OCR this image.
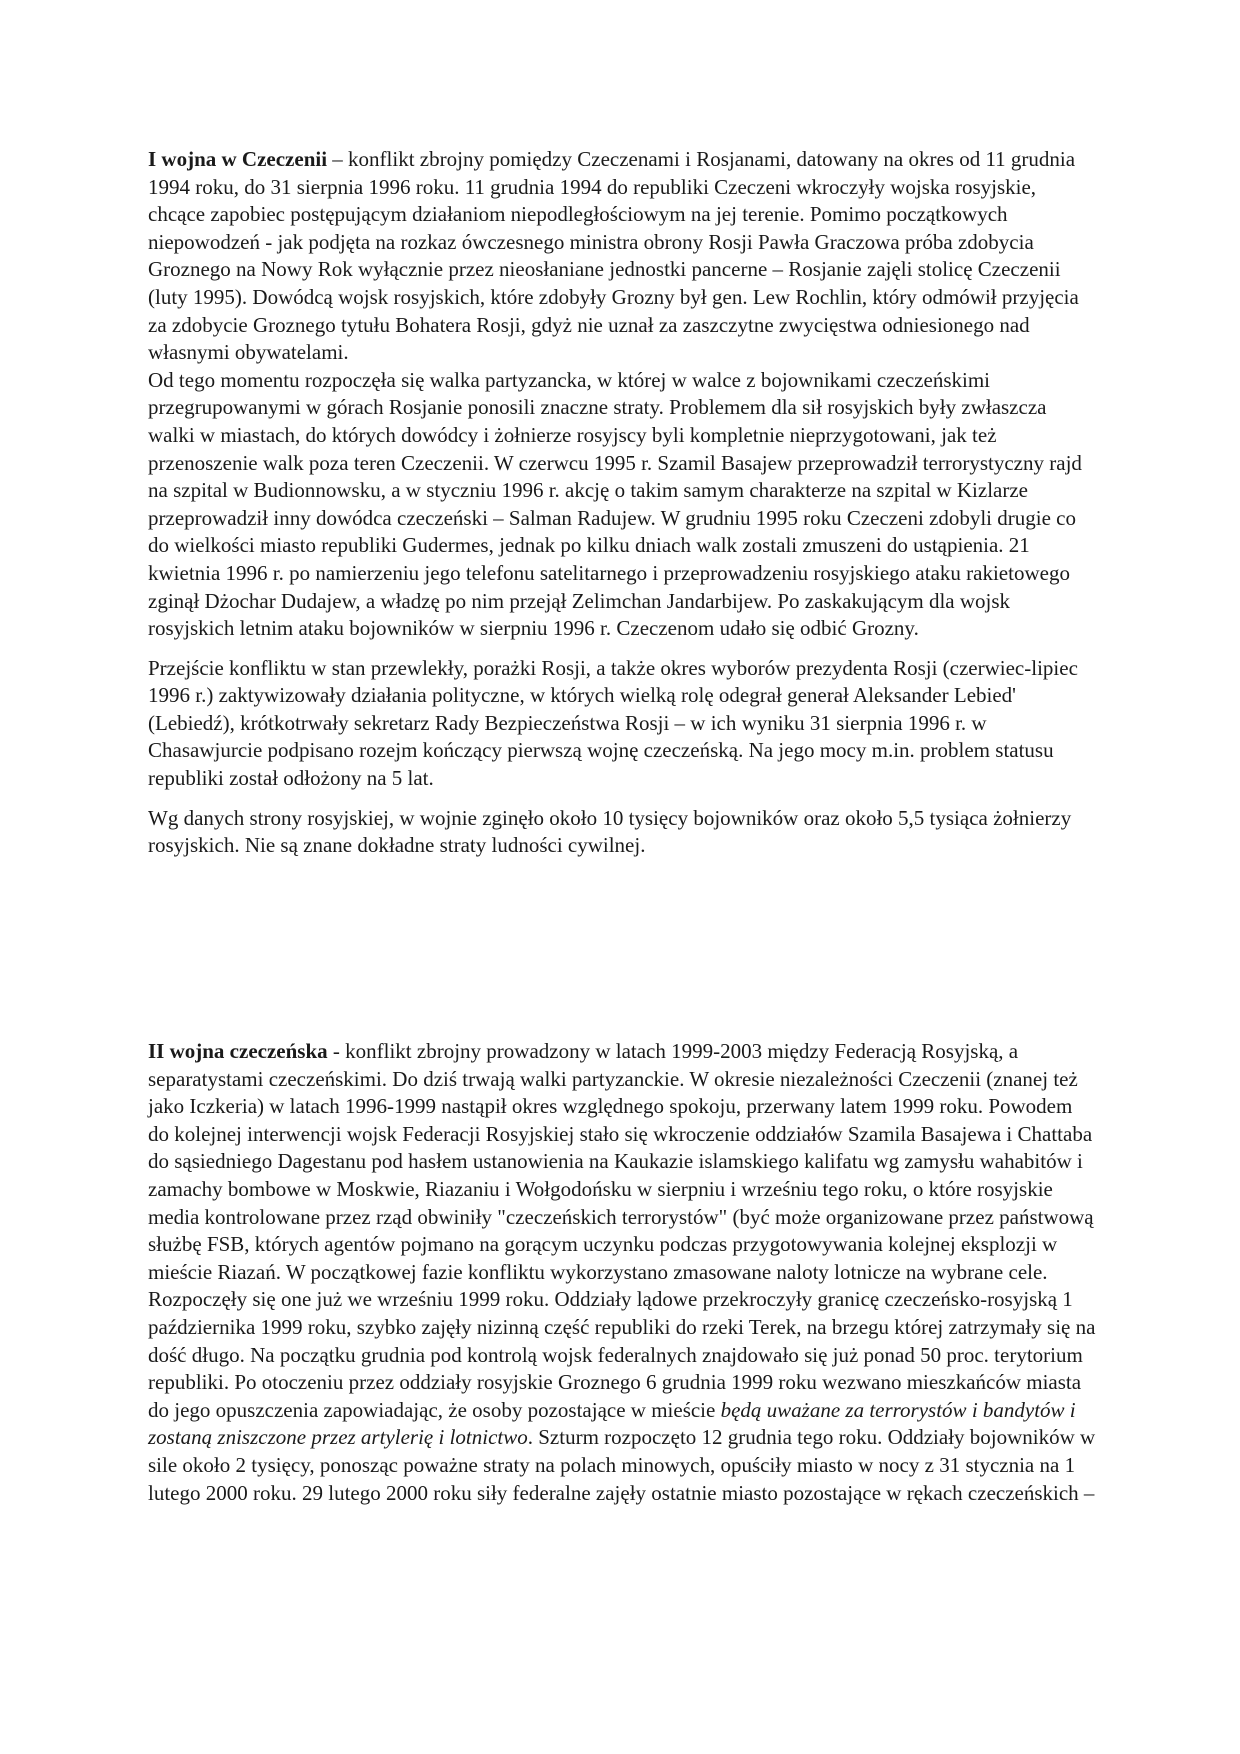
I wojna w Czeczenii – konflikt zbrojny pomiędzy Czeczenami i Rosjanami, datowany na okres od 11 grudnia 1994 roku, do 31 sierpnia 1996 roku. 11 grudnia 1994 do republiki Czeczeni wkroczyły wojska rosyjskie, chcące zapobiec postępującym działaniom niepodległościowym na jej terenie. Pomimo początkowych niepowodzeń - jak podjęta na rozkaz ówczesnego ministra obrony Rosji Pawła Graczowa próba zdobycia Groznego na Nowy Rok wyłącznie przez nieosłaniane jednostki pancerne – Rosjanie zajęli stolicę Czeczenii (luty 1995). Dowódcą wojsk rosyjskich, które zdobyły Grozny był gen. Lew Rochlin, który odmówił przyjęcia za zdobycie Groznego tytułu Bohatera Rosji, gdyż nie uznał za zaszczytne zwycięstwa odniesionego nad własnymi obywatelami.

Od tego momentu rozpoczęła się walka partyzancka, w której w walce z bojownikami czeczeńskimi przegrupowanymi w górach Rosjanie ponosili znaczne straty. Problemem dla sił rosyjskich były zwłaszcza walki w miastach, do których dowódcy i żołnierze rosyjscy byli kompletnie nieprzygotowani, jak też przenoszenie walk poza teren Czeczenii. W czerwcu 1995 r. Szamil Basajew przeprowadził terrorystyczny rajd na szpital w Budionnowsku, a w styczniu 1996 r. akcję o takim samym charakterze na szpital w Kizlarze przeprowadził inny dowódca czeczeński – Salman Radujew. W grudniu 1995 roku Czeczeni zdobyli drugie co do wielkości miasto republiki Gudermes, jednak po kilku dniach walk zostali zmuszeni do ustąpienia. 21 kwietnia 1996 r. po namierzeniu jego telefonu satelitarnego i przeprowadzeniu rosyjskiego ataku rakietowego zginął Dżochar Dudajew, a władzę po nim przejął Zelimchan Jandarbijew. Po zaskakującym dla wojsk rosyjskich letnim ataku bojowników w sierpniu 1996 r. Czeczenom udało się odbić Grozny.

Przejście konfliktu w stan przewlekły, porażki Rosji, a także okres wyborów prezydenta Rosji (czerwiec-lipiec 1996 r.) zaktywizowały działania polityczne, w których wielką rolę odegrał generał Aleksander Lebied' (Lebiedź), krótkotrwały sekretarz Rady Bezpieczeństwa Rosji – w ich wyniku 31 sierpnia 1996 r. w Chasawjurcie podpisano rozejm kończący pierwszą wojnę czeczeńską. Na jego mocy m.in. problem statusu republiki został odłożony na 5 lat.

Wg danych strony rosyjskiej, w wojnie zginęło około 10 tysięcy bojowników oraz około 5,5 tysiąca żołnierzy rosyjskich. Nie są znane dokładne straty ludności cywilnej.

II wojna czeczeńska - konflikt zbrojny prowadzony w latach 1999-2003 między Federacją Rosyjską, a separatystami czeczeńskimi. Do dziś trwają walki partyzanckie. W okresie niezależności Czeczenii (znanej też jako Iczkeria) w latach 1996-1999 nastąpił okres względnego spokoju, przerwany latem 1999 roku. Powodem do kolejnej interwencji wojsk Federacji Rosyjskiej stało się wkroczenie oddziałów Szamila Basajewa i Chattaba do sąsiedniego Dagestanu pod hasłem ustanowienia na Kaukazie islamskiego kalifatu wg zamysłu wahabitów i zamachy bombowe w Moskwie, Riazaniu i Wołgodońsku w sierpniu i wrześniu tego roku, o które rosyjskie media kontrolowane przez rząd obwiniły "czeczeńskich terrorystów" (być może organizowane przez państwową służbę FSB, których agentów pojmano na gorącym uczynku podczas przygotowywania kolejnej eksplozji w mieście Riazań. W początkowej fazie konfliktu wykorzystano zmasowane naloty lotnicze na wybrane cele. Rozpoczęły się one już we wrześniu 1999 roku. Oddziały lądowe przekroczyły granicę czeczeńsko-rosyjską 1 października 1999 roku, szybko zajęły nizinną część republiki do rzeki Terek, na brzegu której zatrzymały się na dość długo. Na początku grudnia pod kontrolą wojsk federalnych znajdowało się już ponad 50 proc. terytorium republiki. Po otoczeniu przez oddziały rosyjskie Groznego 6 grudnia 1999 roku wezwano mieszkańców miasta do jego opuszczenia zapowiadając, że osoby pozostające w mieście będą uważane za terrorystów i bandytów i zostaną zniszczone przez artylerię i lotnictwo. Szturm rozpoczęto 12 grudnia tego roku. Oddziały bojowników w sile około 2 tysięcy, ponosząc poważne straty na polach minowych, opuściły miasto w nocy z 31 stycznia na 1 lutego 2000 roku. 29 lutego 2000 roku siły federalne zajęły ostatnie miasto pozostające w rękach czeczeńskich –
